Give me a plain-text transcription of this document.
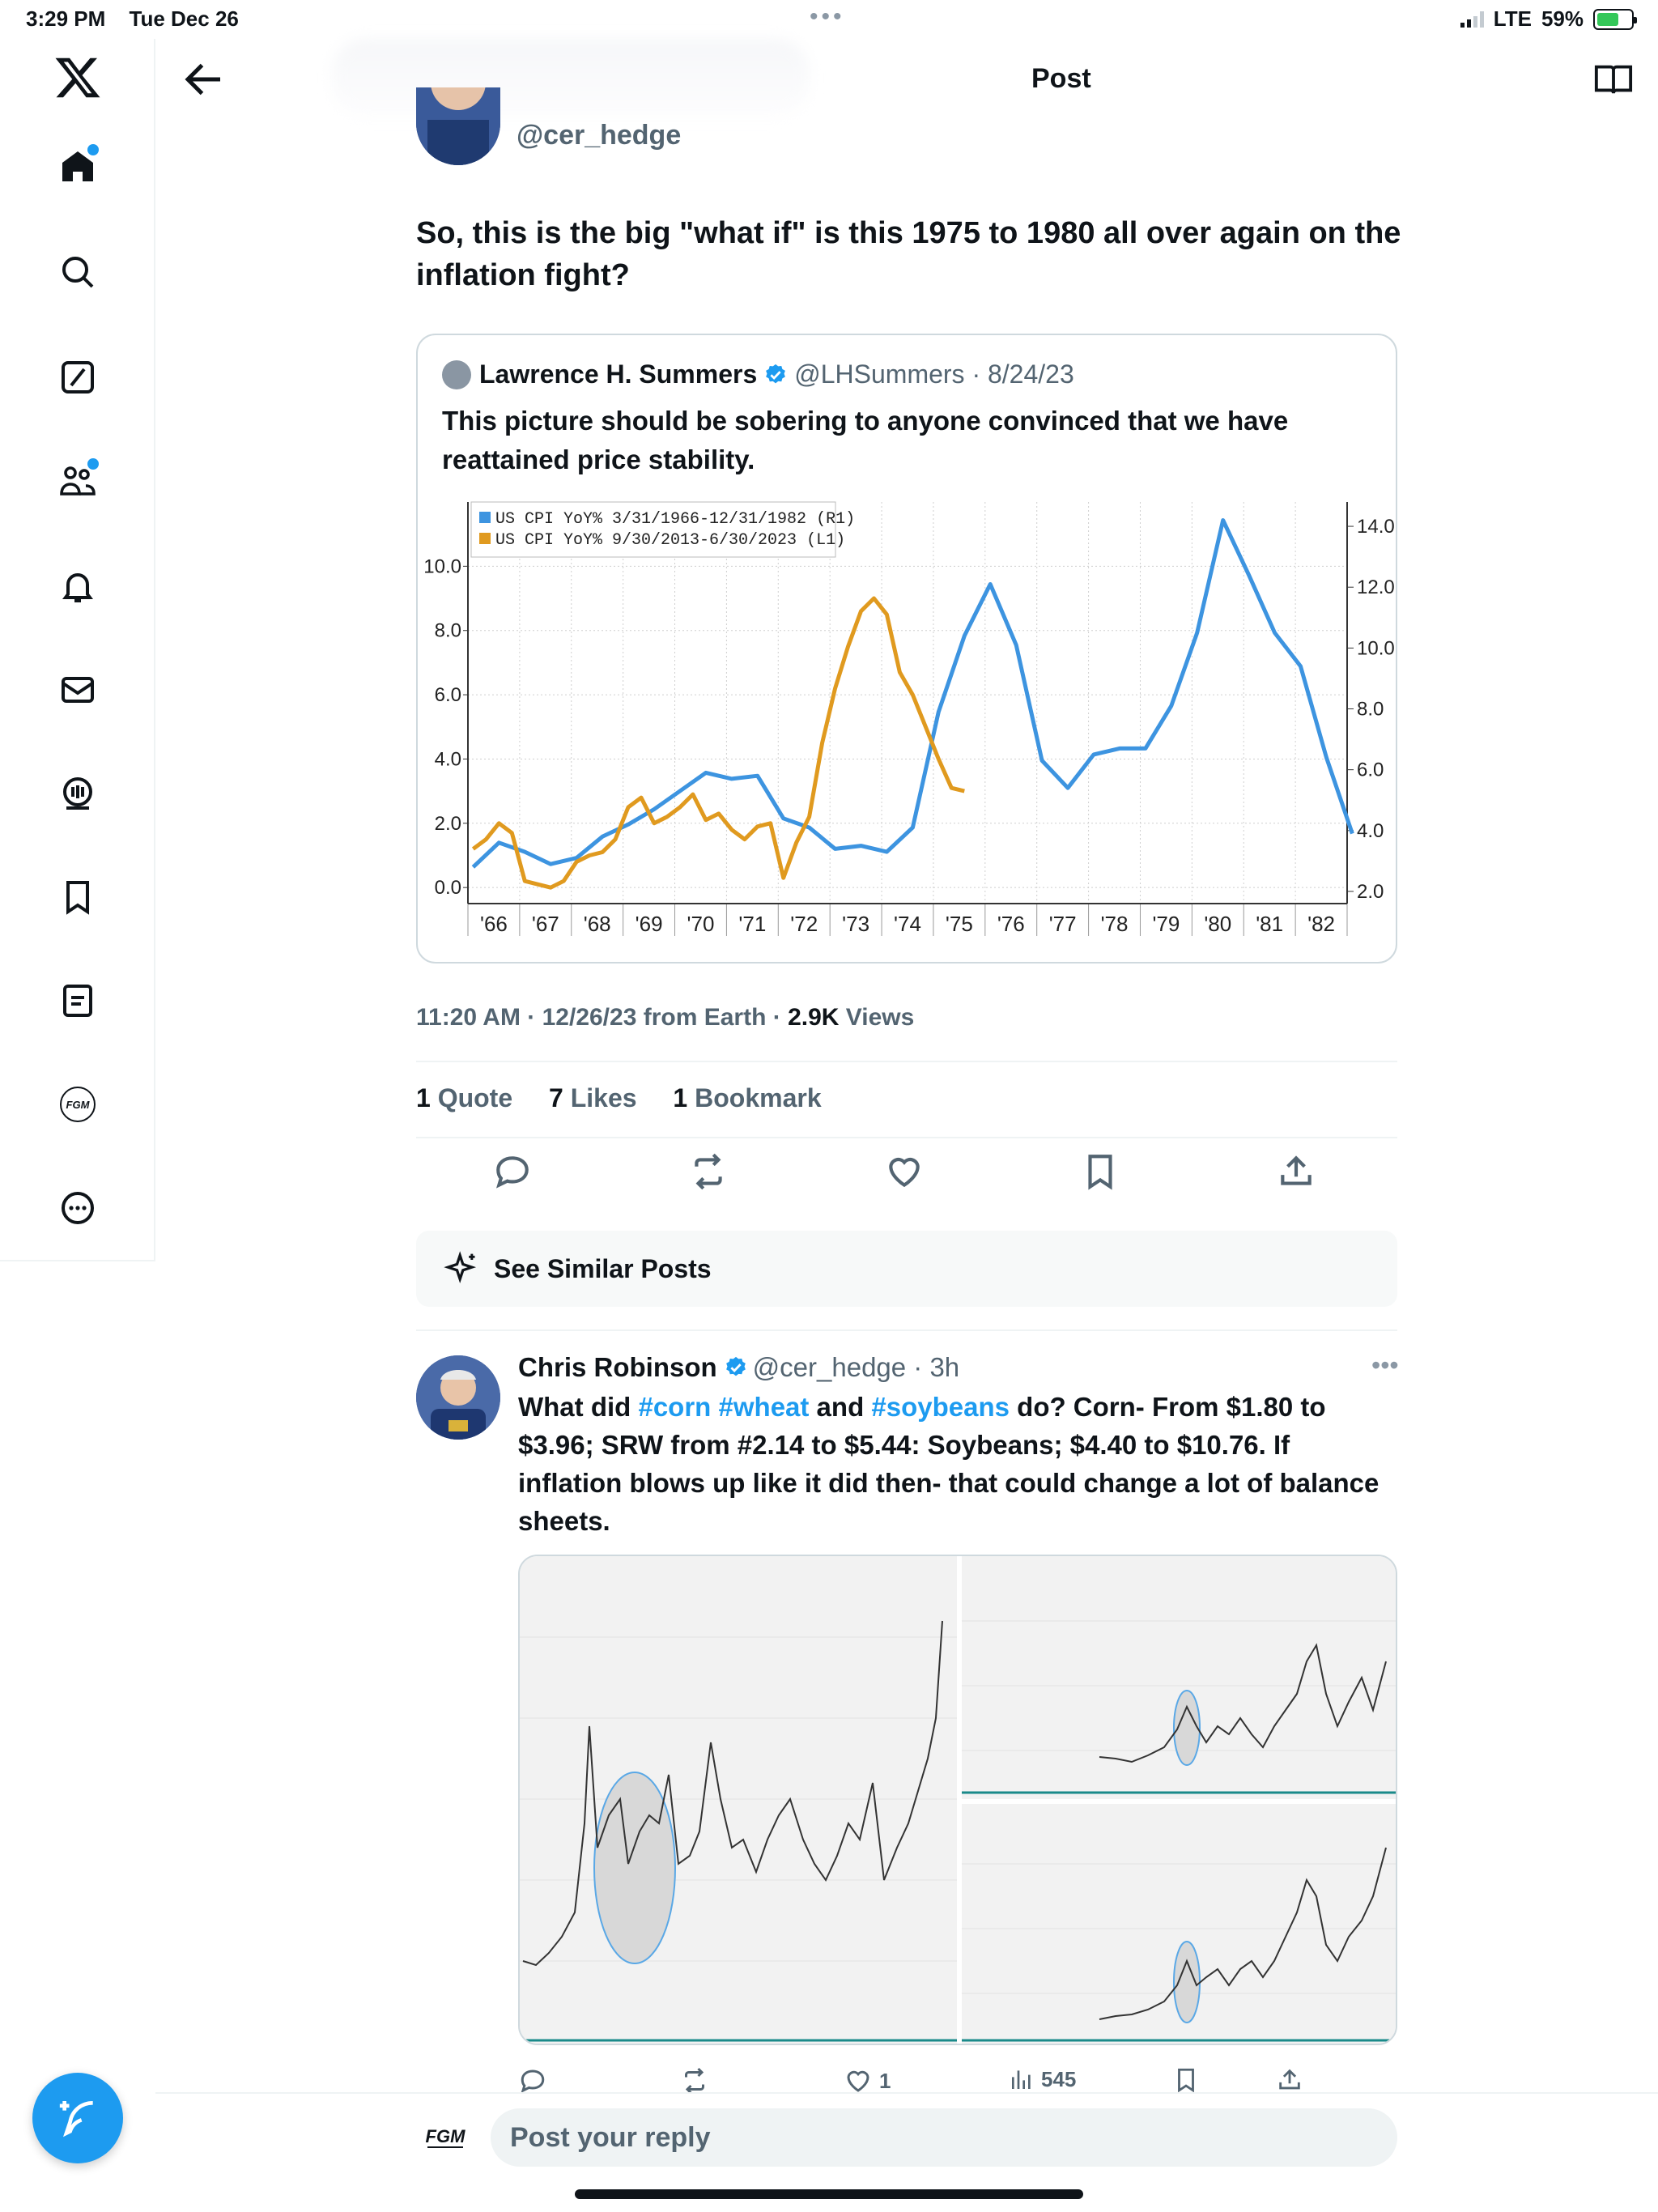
3:29 PM Tue Dec 26	•••	LTE 59%
FGM
Post
@cer_hedge
So, this is the big "what if" is this 1975 to 1980 all over again on the inflation fight?
Lawrence H. Summers @LHSummers · 8/24/23
This picture should be sobering to anyone convinced that we have reattained price stability.
10.0
8.0
6.0
4.0
2.0
0.0
14.0
12.0
10.0
8.0
6.0
4.0
2.0
'66 '67 '68 '69 '70 '71 '72 '73 '74 '75 '76 '77 '78 '79 '80 '81 '82
US CPI YoY% 3/31/1966-12/31/1982 (R1)
US CPI YoY% 9/30/2013-6/30/2023 (L1)
11:20 AM · 12/26/23 from Earth · 2.9K Views
1 Quote 7 Likes 1 Bookmark
See Similar Posts
Chris Robinson @cer_hedge · 3h	•••
What did #corn #wheat and #soybeans do? Corn- From $1.80 to $3.96; SRW from #2.14 to $5.44: Soybeans; $4.40 to $10.76. If inflation blows up like it did then- that could change a lot of balance sheets.
1	545
FGM Post your reply
